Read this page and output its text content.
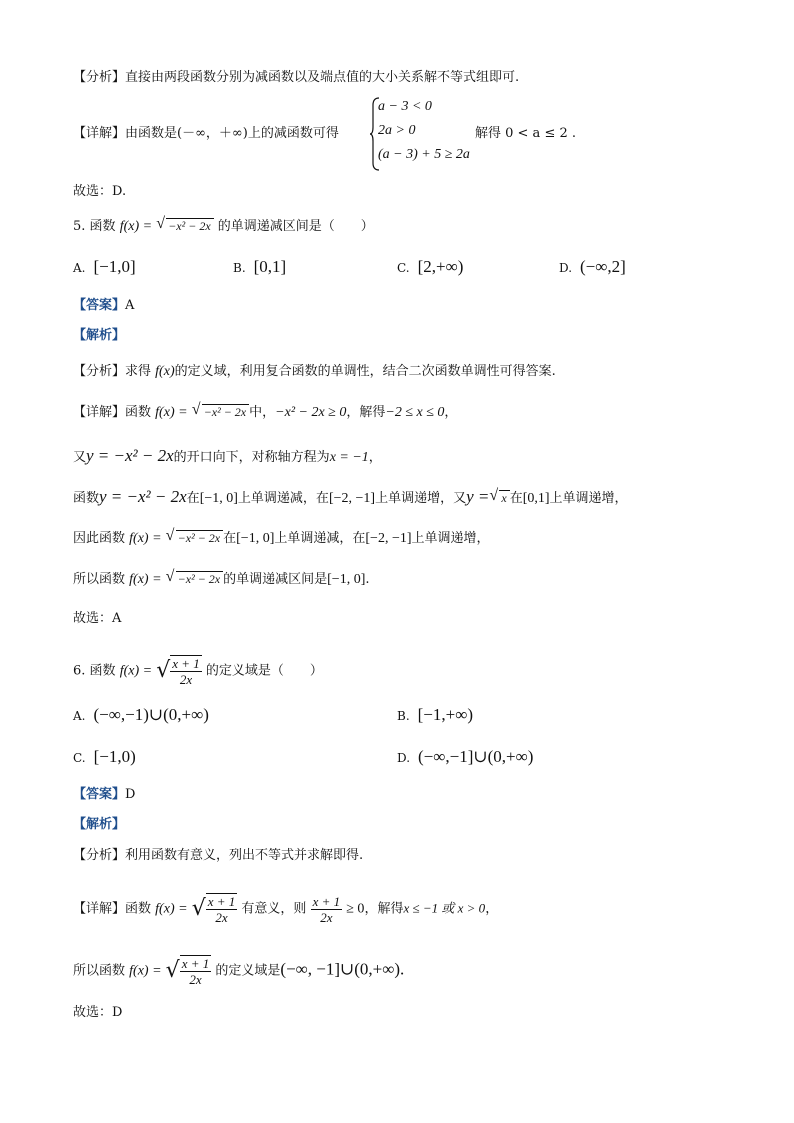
【分析】直接由两段函数分别为减函数以及端点值的大小关系解不等式组即可.
【详解】由函数是(－∞，＋∞)上的减函数可得
a − 3 < 0
2a > 0
(a − 3) + 5 ≥ 2a
解得 0 < a ≤ 2 .
故选：D.
5. 函数 f(x) = √ −x² − 2x 的单调递减区间是（　　）
A. [−1,0]	B. [0,1]	C. [2,+∞)	D. (−∞,2]
【答案】A
【解析】
【分析】求得 f(x)的定义域，利用复合函数的单调性，结合二次函数单调性可得答案.
【详解】函数 f(x) = √ −x² − 2x 中，−x² − 2x ≥ 0，解得−2 ≤ x ≤ 0，
又y = −x² − 2x的开口向下，对称轴方程为x = −1，
函数y = −x² − 2x在[−1, 0]上单调递减，在[−2, −1]上单调递增，又y = √ x 在[0,1]上单调递增，
因此函数 f(x) = √ −x² − 2x 在[−1, 0]上单调递减，在[−2, −1]上单调递增，
所以函数 f(x) = √ −x² − 2x 的单调递减区间是[−1, 0].
故选：A
6. 函数 f(x) = √ $\frac{x + 1}{2x}$ 的定义域是（　　）
A. (−∞,−1)∪(0,+∞)	B. [−1,+∞)
C. [−1,0)	D. (−∞,−1]∪(0,+∞)
【答案】D
【解析】
【分析】利用函数有意义，列出不等式并求解即得.
【详解】函数 f(x) = √ $\frac{x + 1}{2x}$ 有意义，则 $\frac{x + 1}{2x} \ge 0$，解得x ≤ −1 或 x > 0，
所以函数 f(x) = √ $\frac{x + 1}{2x}$ 的定义域是(−∞, −1]∪(0,+∞).
故选：D
